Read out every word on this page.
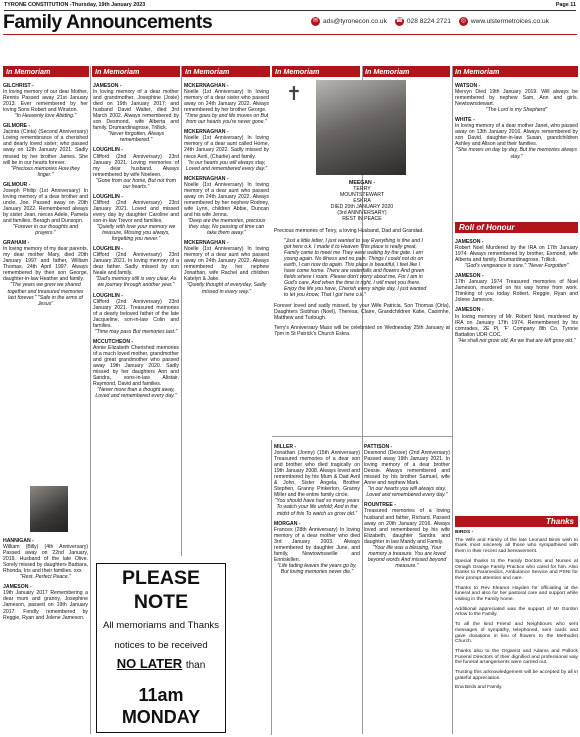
TYRONE CONSTITUTION -Thursday, 19th January 2023	Page 11
Family Announcements	✉ ads@tyronecon.co.uk ☎ 028 8224 2721	◎ www.ulstermetroices.co.uk
In Memoriam	In Memoriam	In Memoriam	In Memoriam	In Memoriam	In Memoriam
GILCHRIST -
In loving memory of our dear Mother, Rennis Passed away 21st January 2013. Ever remembered by her loving Sons Robert and Winston.
"In Heavenly love Abiding."
GILMORE -
Jacinta (Cinta) (Second Anniversary) Loving remembrance of a cherished and dearly loved sister; who passed away on 12th January 2021. Sadly missed by her brother James. She will be in our hearts forever.
"Precious memories How they linger."
GILMOUR -
Joseph Philip (1st Anniversary) In loving memory of a dear brother and uncle, Joe. Passed away on 20th January 2022. Remembered always by sister Jean, nieces Adele, Pamela and families. Beragh and Dunsopn.
"Forever in our thoughts and prayers."
GRAHAM -
In loving memory of my dear parents, my dear mother Mary, died 20th January 1997 and father, William Thomas, 24th April 1997. Always remembered by their son George, daughter-in-law Heather and family.
"The years we grew we shared together and treasured memories last forever." "Safe in the arms of Jesus"
HANNIGAN -
William (Billy) (4th Anniversary) Passed away on 22nd January, 2019. Husband of the late Olive. Sorely missed by daughters Barbara, Rhonda, Iris and their families. xxx
"Rest. Perfect Peace."
JAMESON -
19th January 2017 Remembering a dear mum and granny, Josephine Jameson, passed on 19th January 2017. Fondly remembered by Reggie, Ryan and Jolene Jameson.
JAMESON -
In loving memory of a dear mother and grandmother, Josephine (Josie) died on 19th January 2017; and husband David Walter, died 3rd March 2002. Always remembered by son Desmond, wife Alberta and family. Drumardinagrose, Trillick.
"Never forgotten, Always remembered."
LOUGHLIN -
Clifford (2nd Anniversary) 23rd January 2021. Loving memories of my dear husband. Always remembered by wife Noeleen.
"Gone from our home, But not from our hearts."
LOUGHLIN -
Clifford (2nd Anniversary) 23rd January 2021. Loved and missed every day by daughter Caroline and son-in-law Trevor and families.
"Quietly with love your memory we treasure, Missing you always, forgetting you never."
LOUGHLIN -
Clifford (2nd Anniversary) 23rd January 2021. In loving memory of a dear father. Sadly missed by son Neale and family.
"Dad's memory still is very clear, As we journey through another year."
LOUGHLIN -
Clifford (2nd Anniversary) 23rd January 2021. Treasured memories of a dearly beloved father of the late Jacqueline, son-in-law Colin and families.
"Time may pass But memories last."
MCCUTCHEON -
Annie Elizabeth Cherished memories of a much loved mother, grandmother and great grandmother who passed away 19th January 2020. Sadly missed by her daughters Ann and Sandra, sons-in-law Alistair, Raymond, David and families.
"Never more than a thought away, Loved and remembered every day."
MCKERNAGHAN -
Noelle (1st Anniversary) In loving memory of a dear sister who passed away on 24th January 2022. Always remembered by her brother George.
"Time goes by and life moves on But from our hearts you're never gone."
MCKERNAGHAN -
Noelle (1st Anniversary) In loving memory of a dear aunt called Home, 24th January 2022. Sadly missed by niece Avril, (Charlie) and family.
"In our hearts you will always stay, Loved and remembered every day."
MCKERNAGHAN -
Noelle (1st Anniversary) In loving memory of a dear aunt who passed away on 24th January 2022. Always remembered by her nephew Rodney, wife Lynn, children Abbie, Duncan and his wife Jenna.
"Deep are the memories, precious they stay, No passing of time can take them away."
MCKERNAGHAN -
Noelle (1st Anniversary) In loving memory of a dear aunt who passed away on 24th January 2022. Always remembered by her nephew Jonathan, wife Rachel and children Katelyn & Jake.
"Quietly thought of everyday, Sadly missed in every way."
PLEASE NOTE
All memoriams and Thanks
notices to be received
NO LATER than
11am MONDAY
✝
MEEGAN -
TERRY
MOUNTSTEWART
ESKRA
DIED 20th JANUARY 2020
(3rd ANNIVERSARY)
REST IN PEACE
Precious memories of Terry, a loving Husband, Dad and Grandad.
"Just a little letter, I just wanted to say Everything is fine and I got here o.k. I made it to Heaven This place is really great, Family came to meet me They were waiting by the gate. I am young again. No illness and no pain. Things I could not do on earth, I can now do again. This place is beautiful, I feel like I have come home. There are waterfalls and flowers And green fields where I roam. Please don't worry about me, For I am in God's care, And when the time is right, I will meet you there. Enjoy the life you have, Cherish every single day, I just wanted to let you know, That I got here o.k."
Forever loved and sadly missed, by your Wife Patricia, Son Thomas (Orla), Daughters Siobhan (Noel), Theresa, Claire, Grandchildren Katie, Caoimhe, Matthew and Turlough.
Terry's Anniversary Mass will be celebrated on Wednesday 25th January at 7pm in St Patrick's Church Eskra.
MILLER -
Jonathan (Jonny) (15th Anniversary) Treasured memories of a dear son and brother who died tragically on 19th January 2008. Always loved and remembered by his Mum & Dad Avril & John, Sister Angela, Brother Stephen, Granny Pinkerton, Granny Miller and the entire family circle.
"You should have had so many years To watch your life unfold; And in the midst of this To watch us grow old."
MORGAN -
Frances (28th Anniversary) In loving memory of a dear mother who died 3rd January 2003. Always remembered by daughter June, and family, Newtownsaville and Enniskillen.
"Life fading leaves the years go by, But loving memories never die."
PATTISON -
Desmond (Dessie) (2nd Anniversary) Passed away 19th January 2021. In loving memory of a dear brother Dessie. Always remembered and missed by his brother Samuel, wife Anne and nephew Mark.
"In our hearts you will always stay, Loved and remembered every day."
ROUNTREE -
Treasured memories of a loving husband and father, Richard. Passed away on 20th January 2016. Always loved and remembered by his wife Elizabeth, daughter Sandra and daughter in law Mandy and Family.
"Your life was a blessing, Your memory a treasure. You are loved beyond words And missed beyond measure."
WATSON -
Mervyn Died 19th January 2019. Will always be remembered by nephew Sam, Ann and girls. Newtownstewart.
"The Lord is my Shepherd"
WHITE -
In loving memory of a dear mother Janet, who passed away on 13th January 2016. Always remembered by son David, daughter-in-law Susan, grandchildren Ashley and Alison and their families.
"She moves on day by day, But the memories always stay."
Roll of Honour
JAMESON -
Robert Noel Murdered by the IRA on 17th January 1974. Always remembered by brother, Esmond, wife Alberta and family. Drumardinagrose, Trillick.
"God's vengeance is sure." "Never Forgotten"
JAMESON -
17th January 1974 Treasured memories of Noel Jameson, murdered on his way home from work. Thinking of you today Robert, Reggie, Ryan and Jolene Jameson.
JAMESON -
In loving memory of Mr. Robert Noel, murdered by IRA on January 17th 1974. Remembered by his comrades, 2E Pl, 'F' Company 8th Co. Tyrone Battalion UDR COC.
"He shall not grow old, As we that are left grow old."
Thanks

BIRDS -

The Wife and Family of the late Leonard Birds wish to thank most sincerely all those who sympathised with them in their recent sad bereavement.

Special thanks to the Family Doctors and Nurses at Omagh Grange Family Practice who cared for him. Also thanks to Paramedics, Ambulance Service and PSNI for their prompt attention and care.

Thanks to Rev Eleanor Hayden for officiating at the funeral and also for her pastoral care and support while visiting in the Family home.

Additional appreciated was the support of Mr Gordon Arlow to the Family.

To all the kind Friend and Neighbours who sent messages of sympathy, telephoned, sent cards and gave donations in lieu of flowers to the Methodist Church.

Thanks also to the Organist and Adams and Pollock Funeral Directors of their dignified and professional way the funeral arrangements were carried out.

Trusting this acknowledgement will be accepted by all in grateful appreciation.

Ena Birds and Family.
